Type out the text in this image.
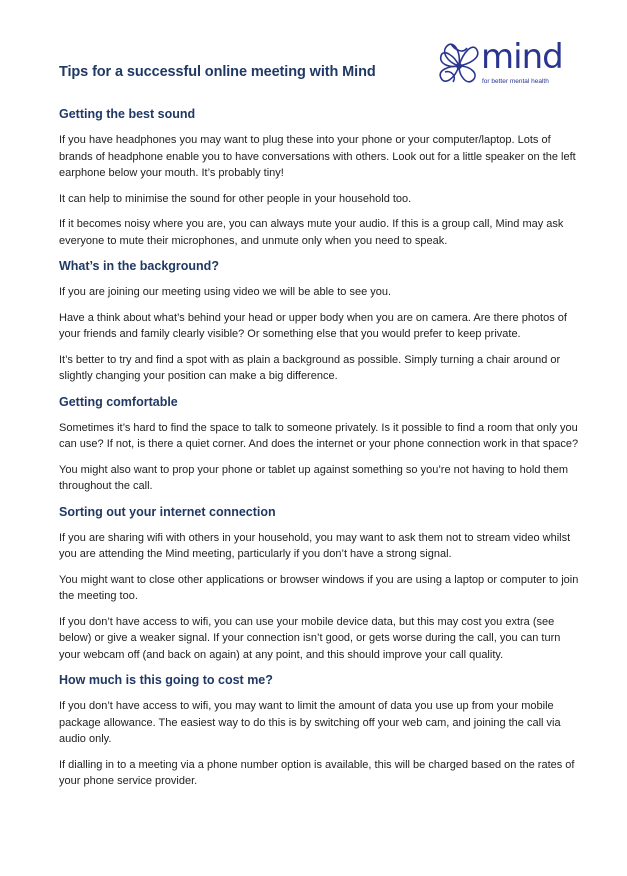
Tips for a successful online meeting with Mind	mind
for better mental health
Getting the best sound

If you have headphones you may want to plug these into your phone or your computer/laptop. Lots of brands of headphone enable you to have conversations with others. Look out for a little speaker on the left earphone below your mouth. It’s probably tiny!

It can help to minimise the sound for other people in your household too.

If it becomes noisy where you are, you can always mute your audio. If this is a group call, Mind may ask everyone to mute their microphones, and unmute only when you need to speak.

What’s in the background?

If you are joining our meeting using video we will be able to see you.

Have a think about what’s behind your head or upper body when you are on camera. Are there photos of your friends and family clearly visible? Or something else that you would prefer to keep private.

It’s better to try and find a spot with as plain a background as possible. Simply turning a chair around or slightly changing your position can make a big difference.

Getting comfortable

Sometimes it’s hard to find the space to talk to someone privately. Is it possible to find a room that only you can use? If not, is there a quiet corner. And does the internet or your phone connection work in that space?

You might also want to prop your phone or tablet up against something so you’re not having to hold them throughout the call.

Sorting out your internet connection

If you are sharing wifi with others in your household, you may want to ask them not to stream video whilst you are attending the Mind meeting, particularly if you don’t have a strong signal.

You might want to close other applications or browser windows if you are using a laptop or computer to join the meeting too.

If you don’t have access to wifi, you can use your mobile device data, but this may cost you extra (see below) or give a weaker signal. If your connection isn’t good, or gets worse during the call, you can turn your webcam off (and back on again) at any point, and this should improve your call quality.

How much is this going to cost me?

If you don’t have access to wifi, you may want to limit the amount of data you use up from your mobile package allowance. The easiest way to do this is by switching off your web cam, and joining the call via audio only.

If dialling in to a meeting via a phone number option is available, this will be charged based on the rates of your phone service provider.
